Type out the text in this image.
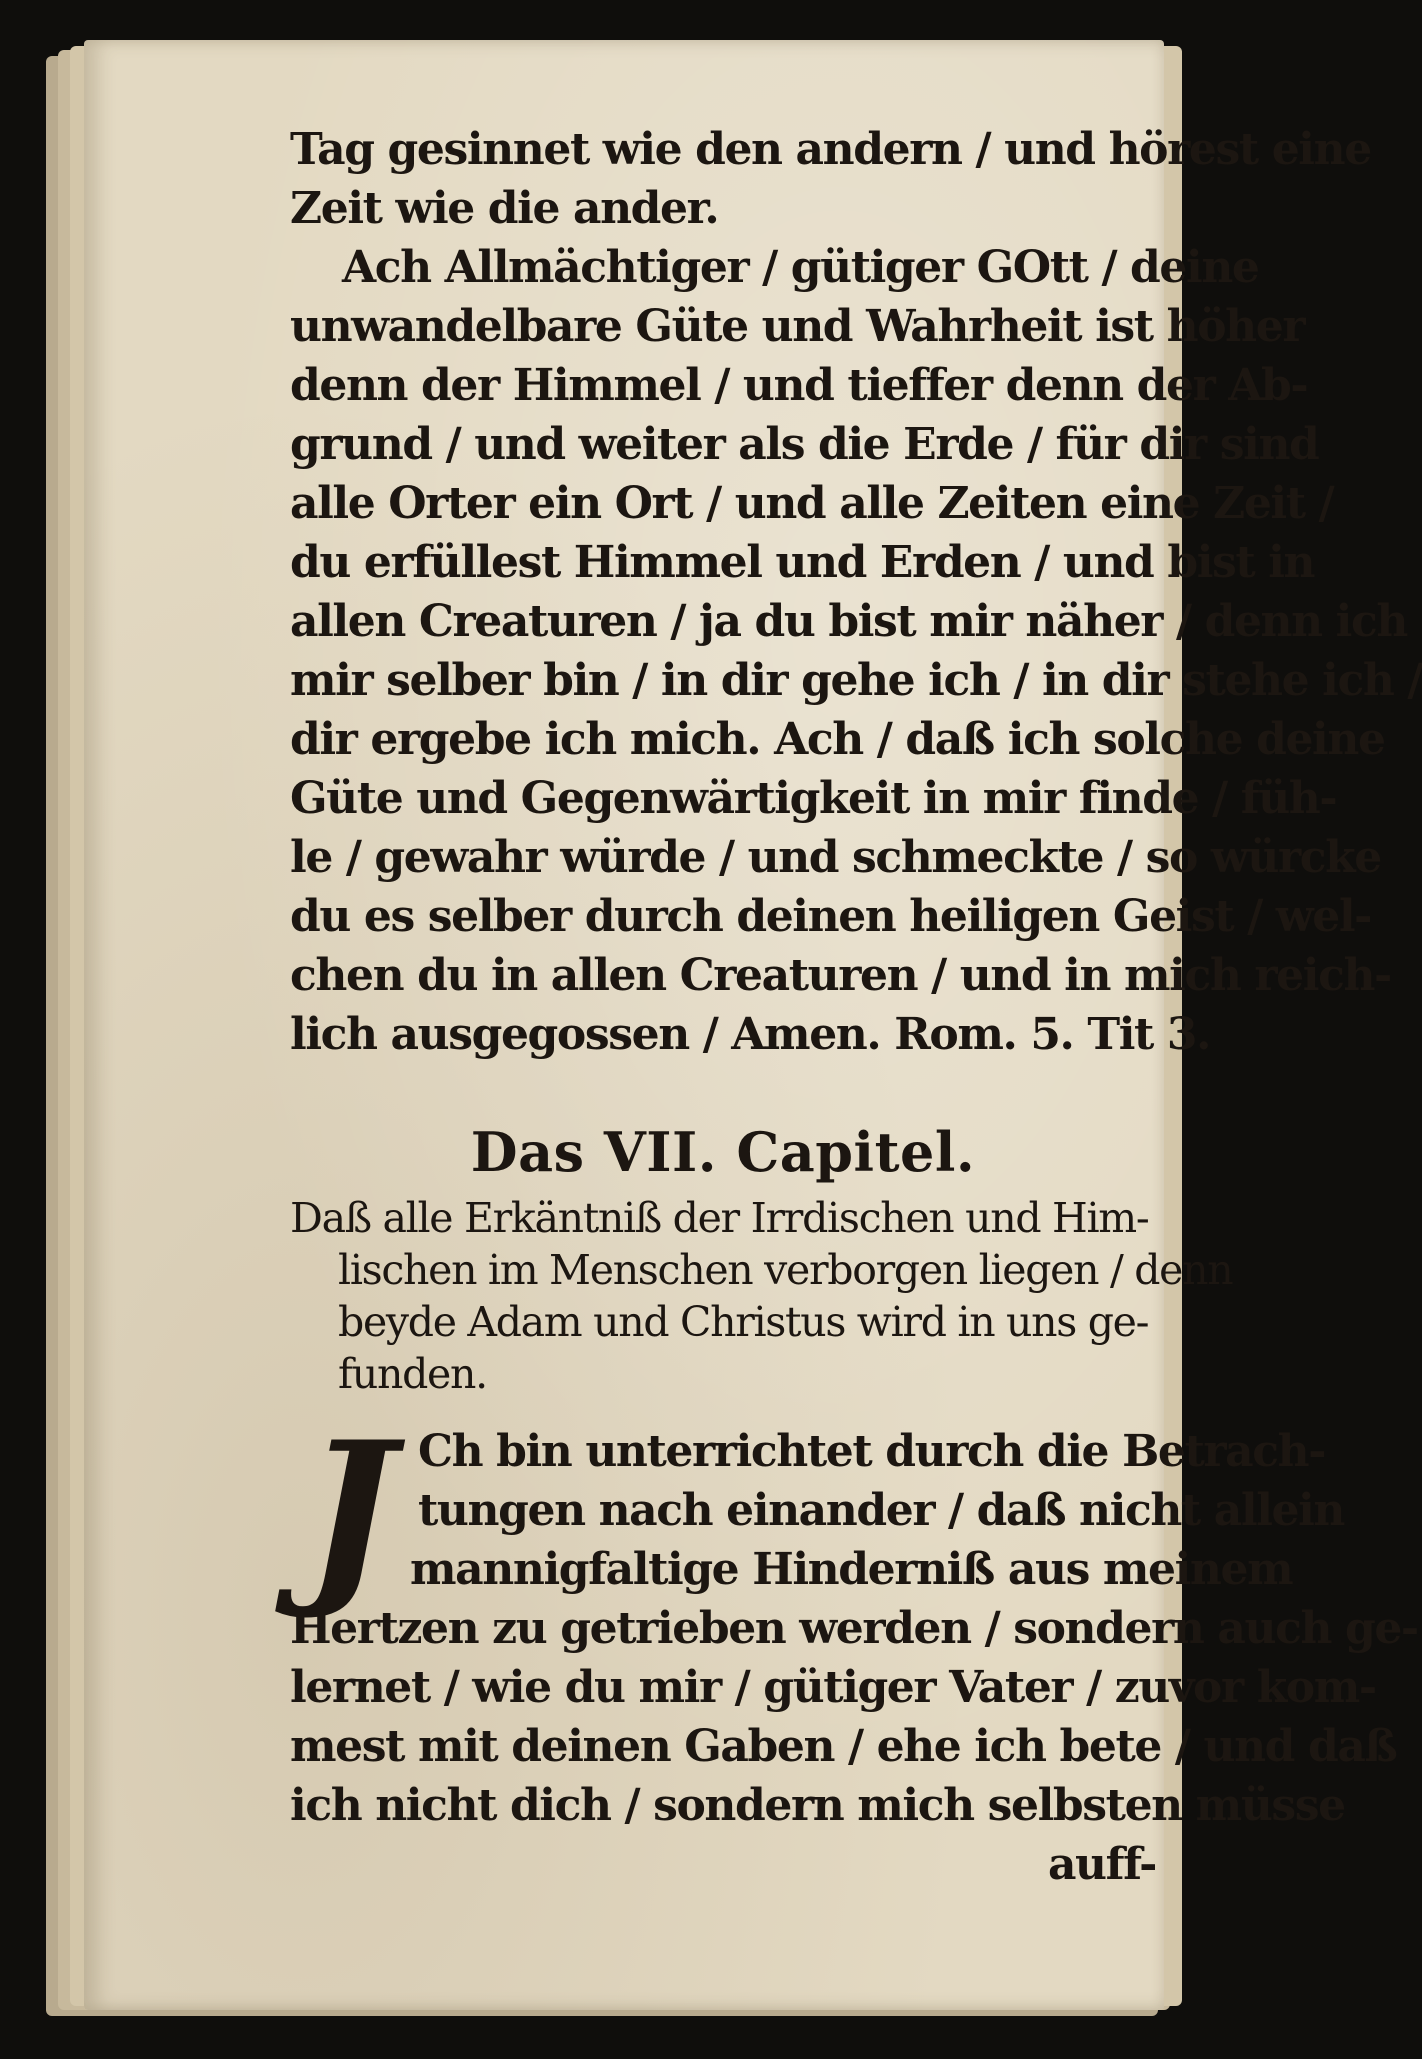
Tag gesinnet wie den andern / und hörest eine
Zeit wie die ander.
Ach Allmächtiger / gütiger GOtt / deine
unwandelbare Güte und Wahrheit ist höher
denn der Himmel / und tieffer denn der Ab-
grund / und weiter als die Erde / für dir sind
alle Orter ein Ort / und alle Zeiten eine Zeit /
du erfüllest Himmel und Erden / und bist in
allen Creaturen / ja du bist mir näher / denn ich
mir selber bin / in dir gehe ich / in dir stehe ich /
dir ergebe ich mich. Ach / daß ich solche deine
Güte und Gegenwärtigkeit in mir finde / füh-
le / gewahr würde / und schmeckte / so würcke
du es selber durch deinen heiligen Geist / wel-
chen du in allen Creaturen / und in mich reich-
lich ausgegossen / Amen. Rom. 5. Tit 3.
Das VII. Capitel.
Daß alle Erkäntniß der Irrdischen und Him-
lischen im Menschen verborgen liegen / denn
beyde Adam und Christus wird in uns ge-
funden.
J Ch bin unterrichtet durch die Betrach-
tungen nach einander / daß nicht allein
mannigfaltige Hinderniß aus meinem
Hertzen zu getrieben werden / sondern auch ge-
lernet / wie du mir / gütiger Vater / zuvor kom-
mest mit deinen Gaben / ehe ich bete / und daß
ich nicht dich / sondern mich selbsten müsse
auff-
